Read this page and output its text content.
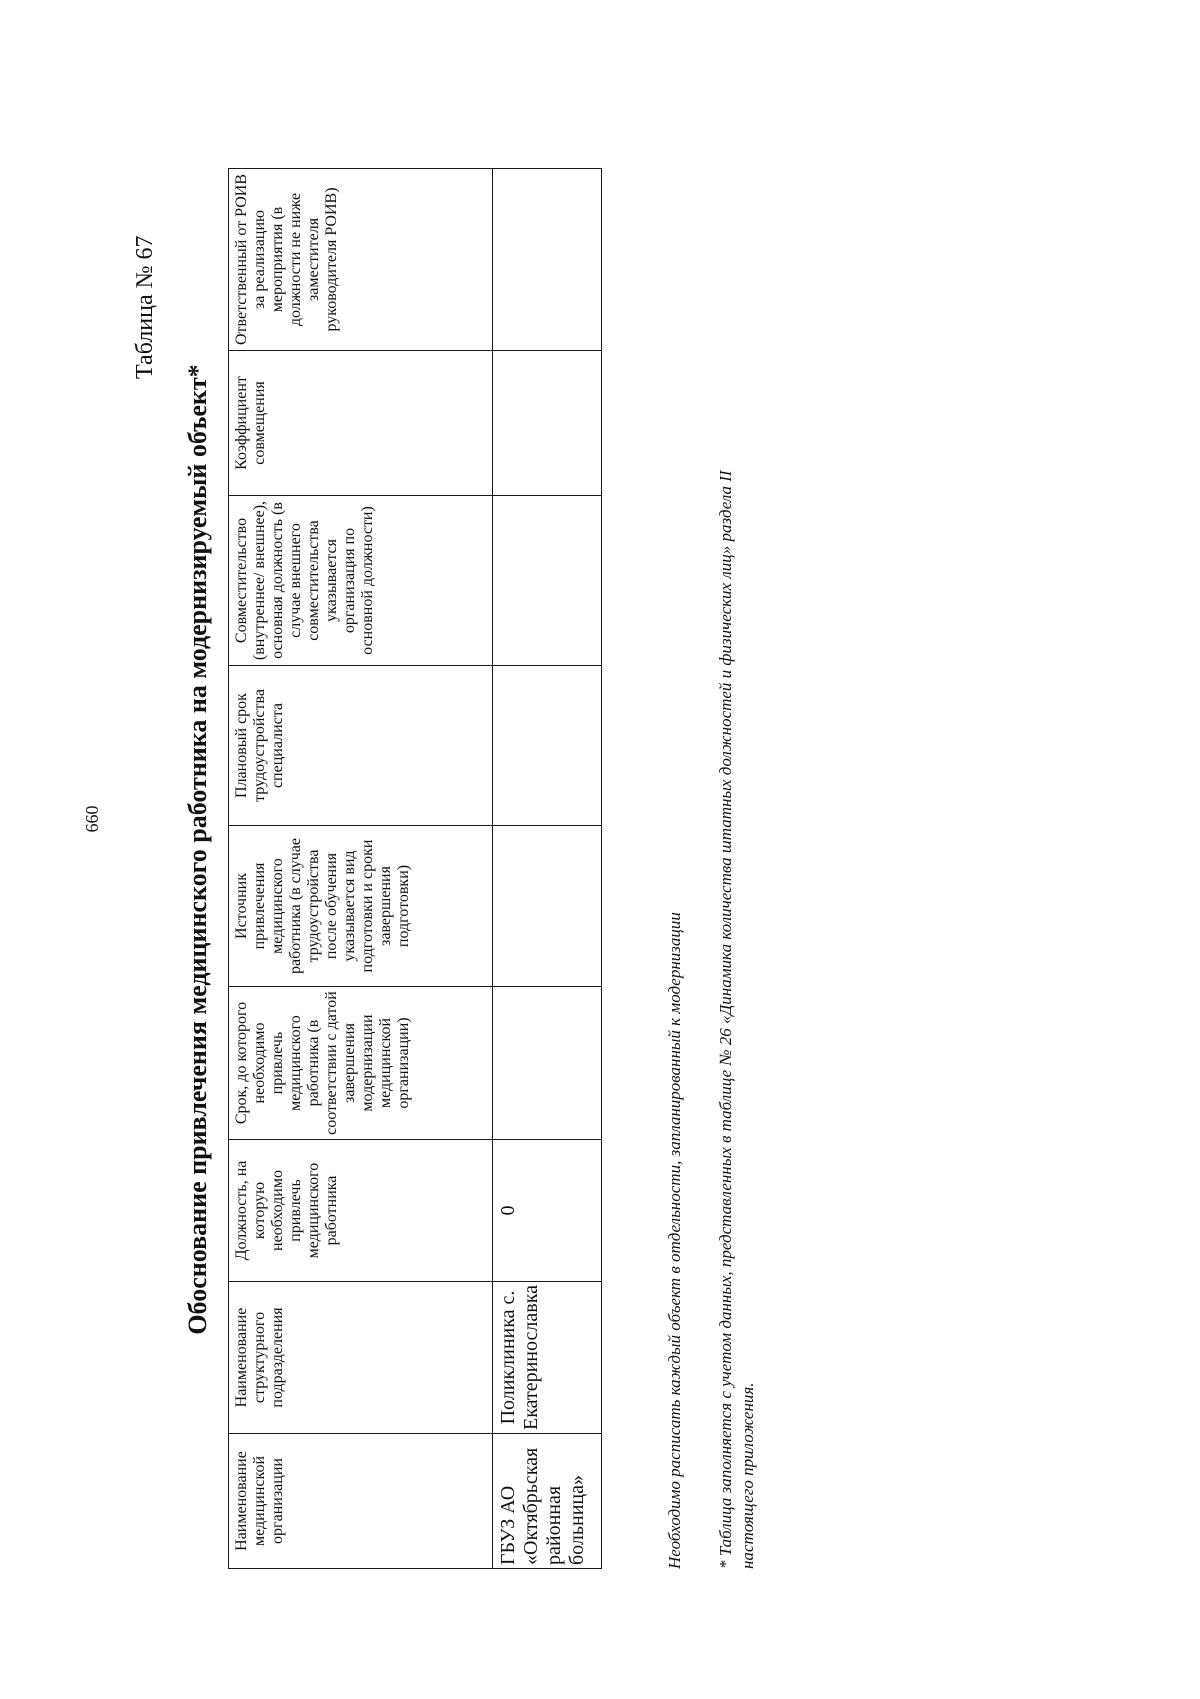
660
Таблица № 67
Обоснование привлечения медицинского работника на модернизируемый объект*
Наименование медицинской организации	Наименование структурного подразделения	Должность, на которую необходимо привлечь медицинского работника	Срок, до которого необходимо привлечь медицинского работника (в соответствии с датой завершения модернизации медицинской организации)	Источник привлечения медицинского работника (в случае трудоустройства после обучения указывается вид подготовки и сроки завершения подготовки)	Плановый срок трудоустройства специалиста	Совместительство (внутреннее/ внешнее), основная должность (в случае внешнего совместительства указывается организация по основной должности)	Коэффициент совмещения	Ответственный от РОИВ за реализацию мероприятия (в должности не ниже заместителя руководителя РОИВ)
ГБУЗ АО «Октябрьская районная больница»	Поликлиника с. Екатеринославка	0							Необходимо расписать каждый объект в отдельности, запланированный к модернизации * Таблица заполняется с учетом данных, представленных в таблице № 26 «Динамика количества штатных должностей и физических лиц» раздела II настоящего приложения.
